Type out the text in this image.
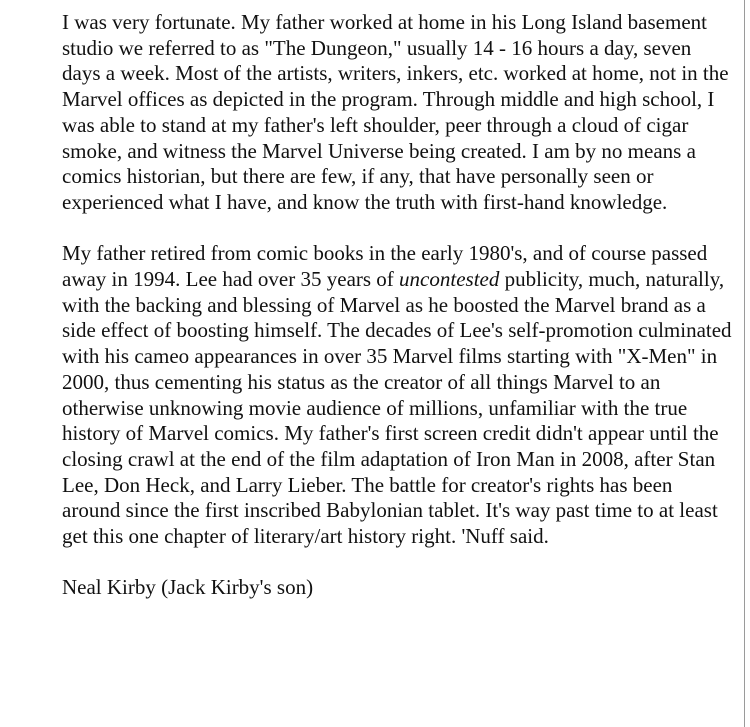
I was very fortunate. My father worked at home in his Long Island basement studio we referred to as "The Dungeon," usually 14 - 16 hours a day, seven days a week. Most of the artists, writers, inkers, etc. worked at home, not in the Marvel offices as depicted in the program. Through middle and high school, I was able to stand at my father's left shoulder, peer through a cloud of cigar smoke, and witness the Marvel Universe being created. I am by no means a comics historian, but there are few, if any, that have personally seen or experienced what I have, and know the truth with first-hand knowledge.

My father retired from comic books in the early 1980's, and of course passed away in 1994. Lee had over 35 years of uncontested publicity, much, naturally, with the backing and blessing of Marvel as he boosted the Marvel brand as a side effect of boosting himself. The decades of Lee's self-promotion culminated with his cameo appearances in over 35 Marvel films starting with "X-Men" in 2000, thus cementing his status as the creator of all things Marvel to an otherwise unknowing movie audience of millions, unfamiliar with the true history of Marvel comics. My father's first screen credit didn't appear until the closing crawl at the end of the film adaptation of Iron Man in 2008, after Stan Lee, Don Heck, and Larry Lieber. The battle for creator's rights has been around since the first inscribed Babylonian tablet. It's way past time to at least get this one chapter of literary/art history right. 'Nuff said.

Neal Kirby (Jack Kirby's son)
